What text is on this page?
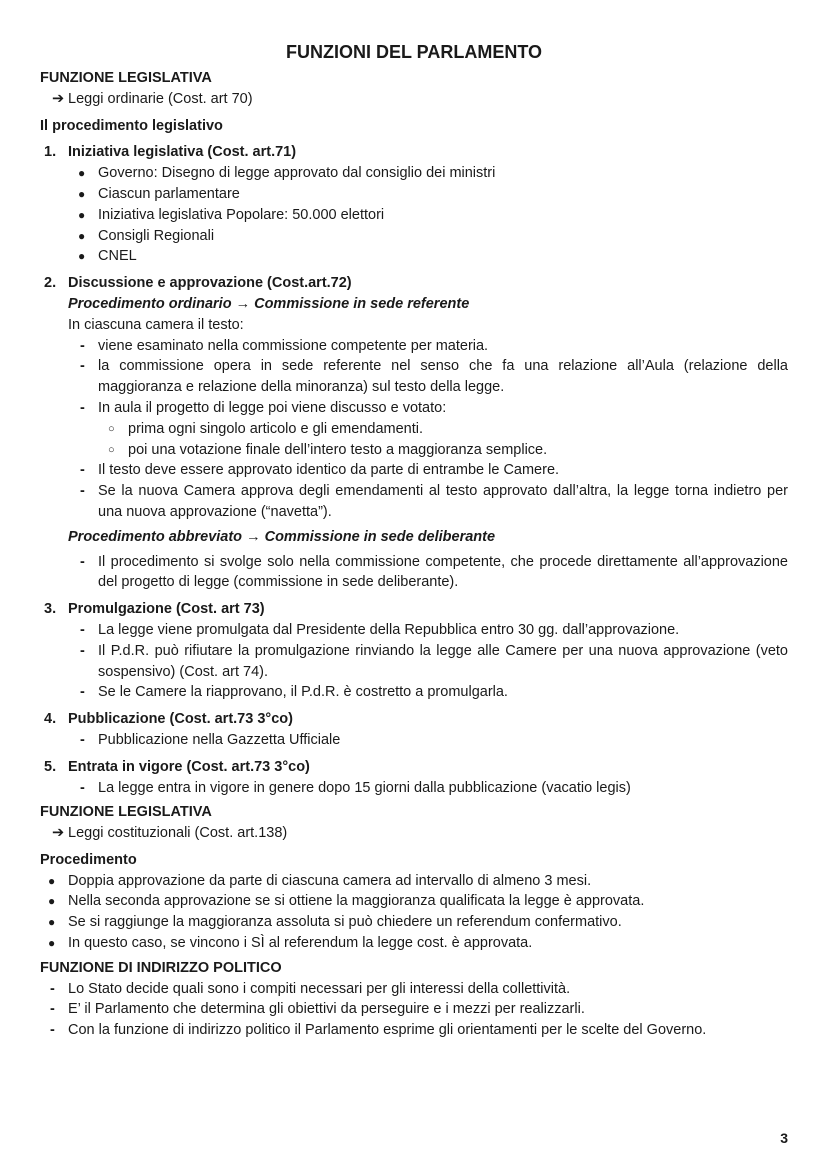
FUNZIONI DEL PARLAMENTO
FUNZIONE LEGISLATIVA
➔ Leggi ordinarie (Cost. art 70)
Il procedimento legislativo
1. Iniziativa legislativa (Cost. art.71)
● Governo: Disegno di legge approvato dal consiglio dei ministri
● Ciascun parlamentare
● Iniziativa legislativa Popolare: 50.000 elettori
● Consigli Regionali
● CNEL
2. Discussione e approvazione (Cost.art.72)
Procedimento ordinario → Commissione in sede referente
In ciascuna camera il testo:
- viene esaminato nella commissione competente per materia.
- la commissione opera in sede referente nel senso che fa una relazione all’Aula (relazione della maggioranza e relazione della minoranza) sul testo della legge.
- In aula il progetto di legge poi viene discusso e votato:
○ prima ogni singolo articolo e gli emendamenti.
○ poi una votazione finale dell’intero testo a maggioranza semplice.
- Il testo deve essere approvato identico da parte di entrambe le Camere.
- Se la nuova Camera approva degli emendamenti al testo approvato dall’altra, la legge torna indietro per una nuova approvazione (“navetta”).
Procedimento abbreviato → Commissione in sede deliberante
- Il procedimento si svolge solo nella commissione competente, che procede direttamente all’approvazione del progetto di legge (commissione in sede deliberante).
3. Promulgazione (Cost. art 73)
- La legge viene promulgata dal Presidente della Repubblica entro 30 gg. dall’approvazione.
- Il P.d.R. può rifiutare la promulgazione rinviando la legge alle Camere per una nuova approvazione (veto sospensivo) (Cost. art 74).
- Se le Camere la riapprovano, il P.d.R. è costretto a promulgarla.
4. Pubblicazione (Cost. art.73 3°co)
- Pubblicazione nella Gazzetta Ufficiale
5. Entrata in vigore (Cost. art.73 3°co)
- La legge entra in vigore in genere dopo 15 giorni dalla pubblicazione (vacatio legis)
FUNZIONE LEGISLATIVA
➔ Leggi costituzionali (Cost. art.138)
Procedimento
● Doppia approvazione da parte di ciascuna camera ad intervallo di almeno 3 mesi.
● Nella seconda approvazione se si ottiene la maggioranza qualificata la legge è approvata.
● Se si raggiunge la maggioranza assoluta si può chiedere un referendum confermativo.
● In questo caso, se vincono i SÌ al referendum la legge cost. è approvata.
FUNZIONE DI INDIRIZZO POLITICO
- Lo Stato decide quali sono i compiti necessari per gli interessi della collettività.
- E’ il Parlamento che determina gli obiettivi da perseguire e i mezzi per realizzarli.
- Con la funzione di indirizzo politico il Parlamento esprime gli orientamenti per le scelte del Governo.
3
